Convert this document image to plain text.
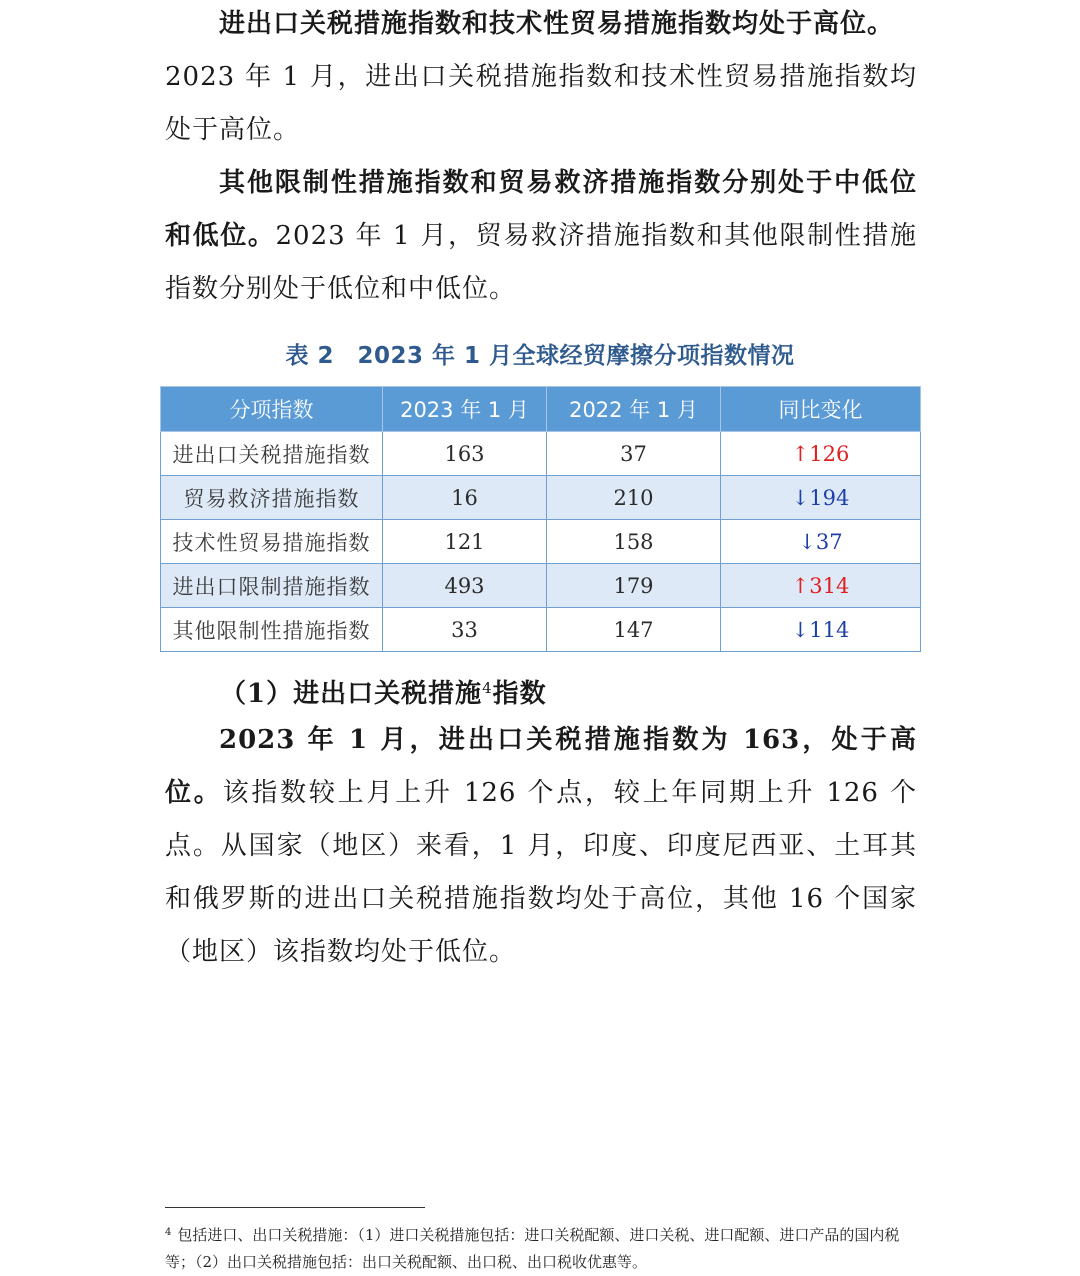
进出口关税措施指数和技术性贸易措施指数均处于高位。
2023 年 1 月，进出口关税措施指数和技术性贸易措施指数均处于高位。

其他限制性措施指数和贸易救济措施指数分别处于中低位和低位。2023 年 1 月，贸易救济措施指数和其他限制性措施指数分别处于低位和中低位。

表 2　2023 年 1 月全球经贸摩擦分项指数情况
分项指数	2023 年 1 月	2022 年 1 月	同比变化
进出口关税措施指数	163	37	↑126
贸易救济措施指数	16	210	↓194
技术性贸易措施指数	121	158	↓37
进出口限制措施指数	493	179	↑314
其他限制性措施指数	33	147	↓114
（1）进出口关税措施$^4$指数

2023 年 1 月，进出口关税措施指数为 163，处于高位。该指数较上月上升 126 个点，较上年同期上升 126 个点。从国家（地区）来看，1 月，印度、印度尼西亚、土耳其和俄罗斯的进出口关税措施指数均处于高位，其他 16 个国家（地区）该指数均处于低位。

$^4$ 包括进口、出口关税措施：（1）进口关税措施包括：进口关税配额、进口关税、进口配额、进口产品的国内税等；（2）出口关税措施包括：出口关税配额、出口税、出口税收优惠等。
